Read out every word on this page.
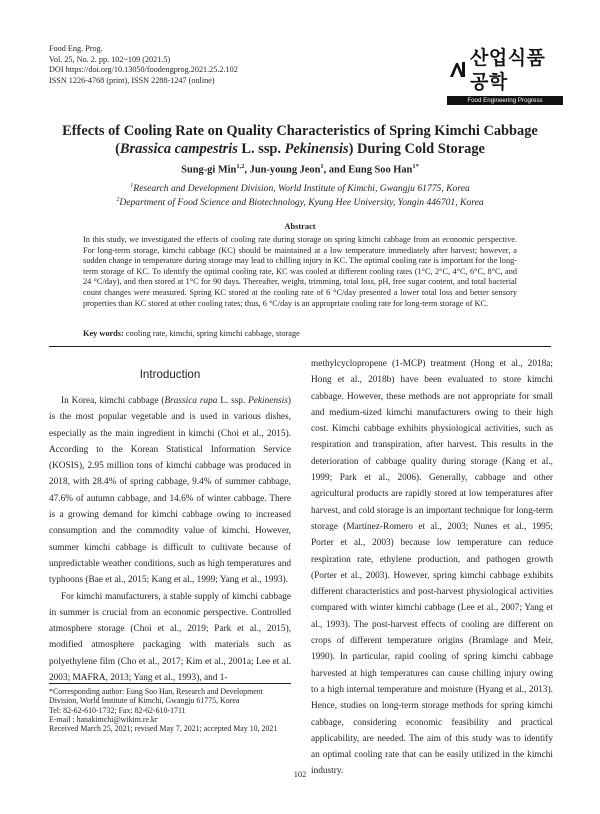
Food Eng. Prog.
Vol. 25, No. 2. pp. 102~109 (2021.5)
DOI https://doi.org/10.13050/foodengprog.2021.25.2.102
ISSN 1226-4768 (print), ISSN 2288-1247 (online)
산업식품공학
Food Engineering Progress
Effects of Cooling Rate on Quality Characteristics of Spring Kimchi Cabbage
(Brassica campestris L. ssp. Pekinensis) During Cold Storage
Sung-gi Min$^{1,2}$, Jun-young Jeon$^1$, and Eung Soo Han$^{1*}$
$^1$Research and Development Division, World Institute of Kimchi, Gwangju 61775, Korea
$^2$Department of Food Science and Biotechnology, Kyung Hee University, Yongin 446701, Korea
Abstract
In this study, we investigated the effects of cooling rate during storage on spring kimchi cabbage from an economic perspective. For long-term storage, kimchi cabbage (KC) should be maintained at a low temperature immediately after harvest; however, a sudden change in temperature during storage may lead to chilling injury in KC. The optimal cooling rate is important for the long-term storage of KC. To identify the optimal cooling rate, KC was cooled at different cooling rates (1°C, 2°C, 4°C, 6°C, 8°C, and 24 °C/day), and then stored at 1°C for 90 days. Thereafter, weight, trimming, total loss, pH, free sugar content, and total bacterial count changes were measured. Spring KC stored at the cooling rate of 6 °C/day presented a lower total loss and better sensory properties than KC stored at other cooling rates; thus, 6 °C/day is an appropriate cooling rate for long-term storage of KC.
Key words: cooling rate, kimchi, spring kimchi cabbage, storage
Introduction

In Korea, kimchi cabbage (Brassica rapa L. ssp. Pekinensis) is the most popular vegetable and is used in various dishes, especially as the main ingredient in kimchi (Choi et al., 2015). According to the Korean Statistical Information Service (KOSIS), 2.95 million tons of kimchi cabbage was produced in 2018, with 28.4% of spring cabbage, 9.4% of summer cabbage, 47.6% of autumn cabbage, and 14.6% of winter cabbage. There is a growing demand for kimchi cabbage owing to increased consumption and the commodity value of kimchi. However, summer kimchi cabbage is difficult to cultivate because of unpredictable weather conditions, such as high temperatures and typhoons (Bae et al., 2015; Kang et al., 1999; Yang et al., 1993).

For kimchi manufacturers, a stable supply of kimchi cabbage in summer is crucial from an economic perspective. Controlled atmosphere storage (Choi et al., 2019; Park et al., 2015), modified atmosphere packaging with materials such as polyethylene film (Cho et al., 2017; Kim et al., 2001a; Lee et al. 2003; MAFRA, 2013; Yang et al., 1993), and 1-

*Corresponding author: Eung Soo Han, Research and Development Division, World Institute of Kimchi, Gwangju 61775, Korea
Tel: 82-62-610-1732; Fax: 82-62-610-1711
E-mail : hanakimchi@wikim.re.kr
Received March 25, 2021; revised May 7, 2021; accepted May 10, 2021

methylcyclopropene (1-MCP) treatment (Hong et al., 2018a; Hong et al., 2018b) have been evaluated to store kimchi cabbage. However, these methods are not appropriate for small and medium-sized kimchi manufacturers owing to their high cost. Kimchi cabbage exhibits physiological activities, such as respiration and transpiration, after harvest. This results in the deterioration of cabbage quality during storage (Kang et al., 1999; Park et al., 2006). Generally, cabbage and other agricultural products are rapidly stored at low temperatures after harvest, and cold storage is an important technique for long-term storage (Martínez-Romero et al., 2003; Nunes et al., 1995; Porter et al., 2003) because low temperature can reduce respiration rate, ethylene production, and pathogen growth (Porter et al., 2003). However, spring kimchi cabbage exhibits different characteristics and post-harvest physiological activities compared with winter kimchi cabbage (Lee et al., 2007; Yang et al., 1993). The post-harvest effects of cooling are different on crops of different temperature origins (Bramlage and Meir, 1990). In particular, rapid cooling of spring kimchi cabbage harvested at high temperatures can cause chilling injury owing to a high internal temperature and moisture (Hyang et al., 2013). Hence, studies on long-term storage methods for spring kimchi cabbage, considering economic feasibility and practical applicability, are needed. The aim of this study was to identify an optimal cooling rate that can be easily utilized in the kimchi industry.

102
